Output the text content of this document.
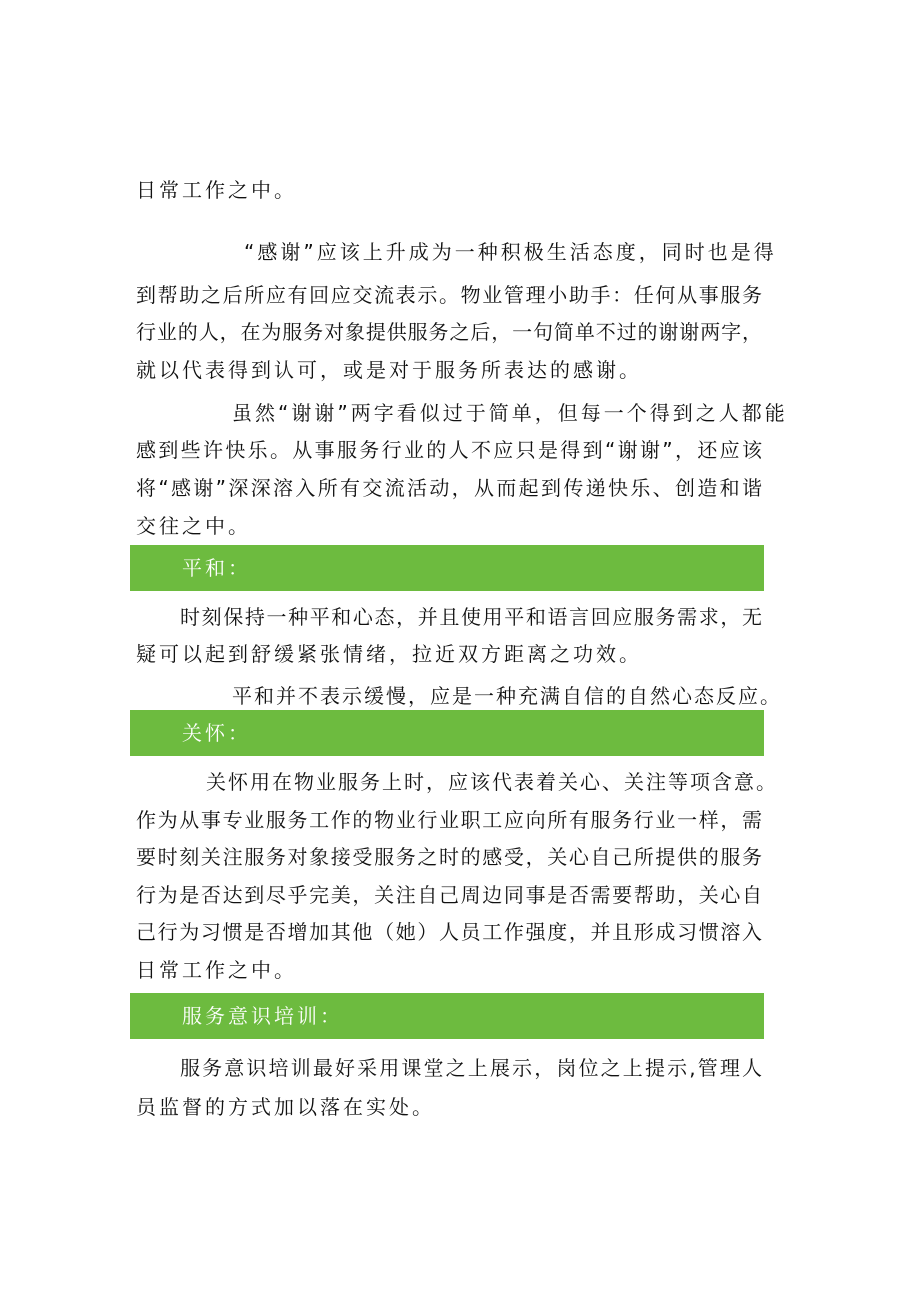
日常工作之中。
“感谢”应该上升成为一种积极生活态度，同时也是得
到帮助之后所应有回应交流表示。物业管理小助手：任何从事服务
行业的人，在为服务对象提供服务之后，一句简单不过的谢谢两字，
就以代表得到认可，或是对于服务所表达的感谢。
虽然“谢谢”两字看似过于简单，但每一个得到之人都能
感到些许快乐。从事服务行业的人不应只是得到“谢谢”，还应该
将“感谢”深深溶入所有交流活动，从而起到传递快乐、创造和谐
交往之中。
平和：
时刻保持一种平和心态，并且使用平和语言回应服务需求，无
疑可以起到舒缓紧张情绪，拉近双方距离之功效。
平和并不表示缓慢，应是一种充满自信的自然心态反应。
关怀：
关怀用在物业服务上时，应该代表着关心、关注等项含意。
作为从事专业服务工作的物业行业职工应向所有服务行业一样，需
要时刻关注服务对象接受服务之时的感受，关心自己所提供的服务
行为是否达到尽乎完美，关注自己周边同事是否需要帮助，关心自
己行为习惯是否增加其他（她）人员工作强度，并且形成习惯溶入
日常工作之中。
服务意识培训：
服务意识培训最好采用课堂之上展示，岗位之上提示,管理人
员监督的方式加以落在实处。
